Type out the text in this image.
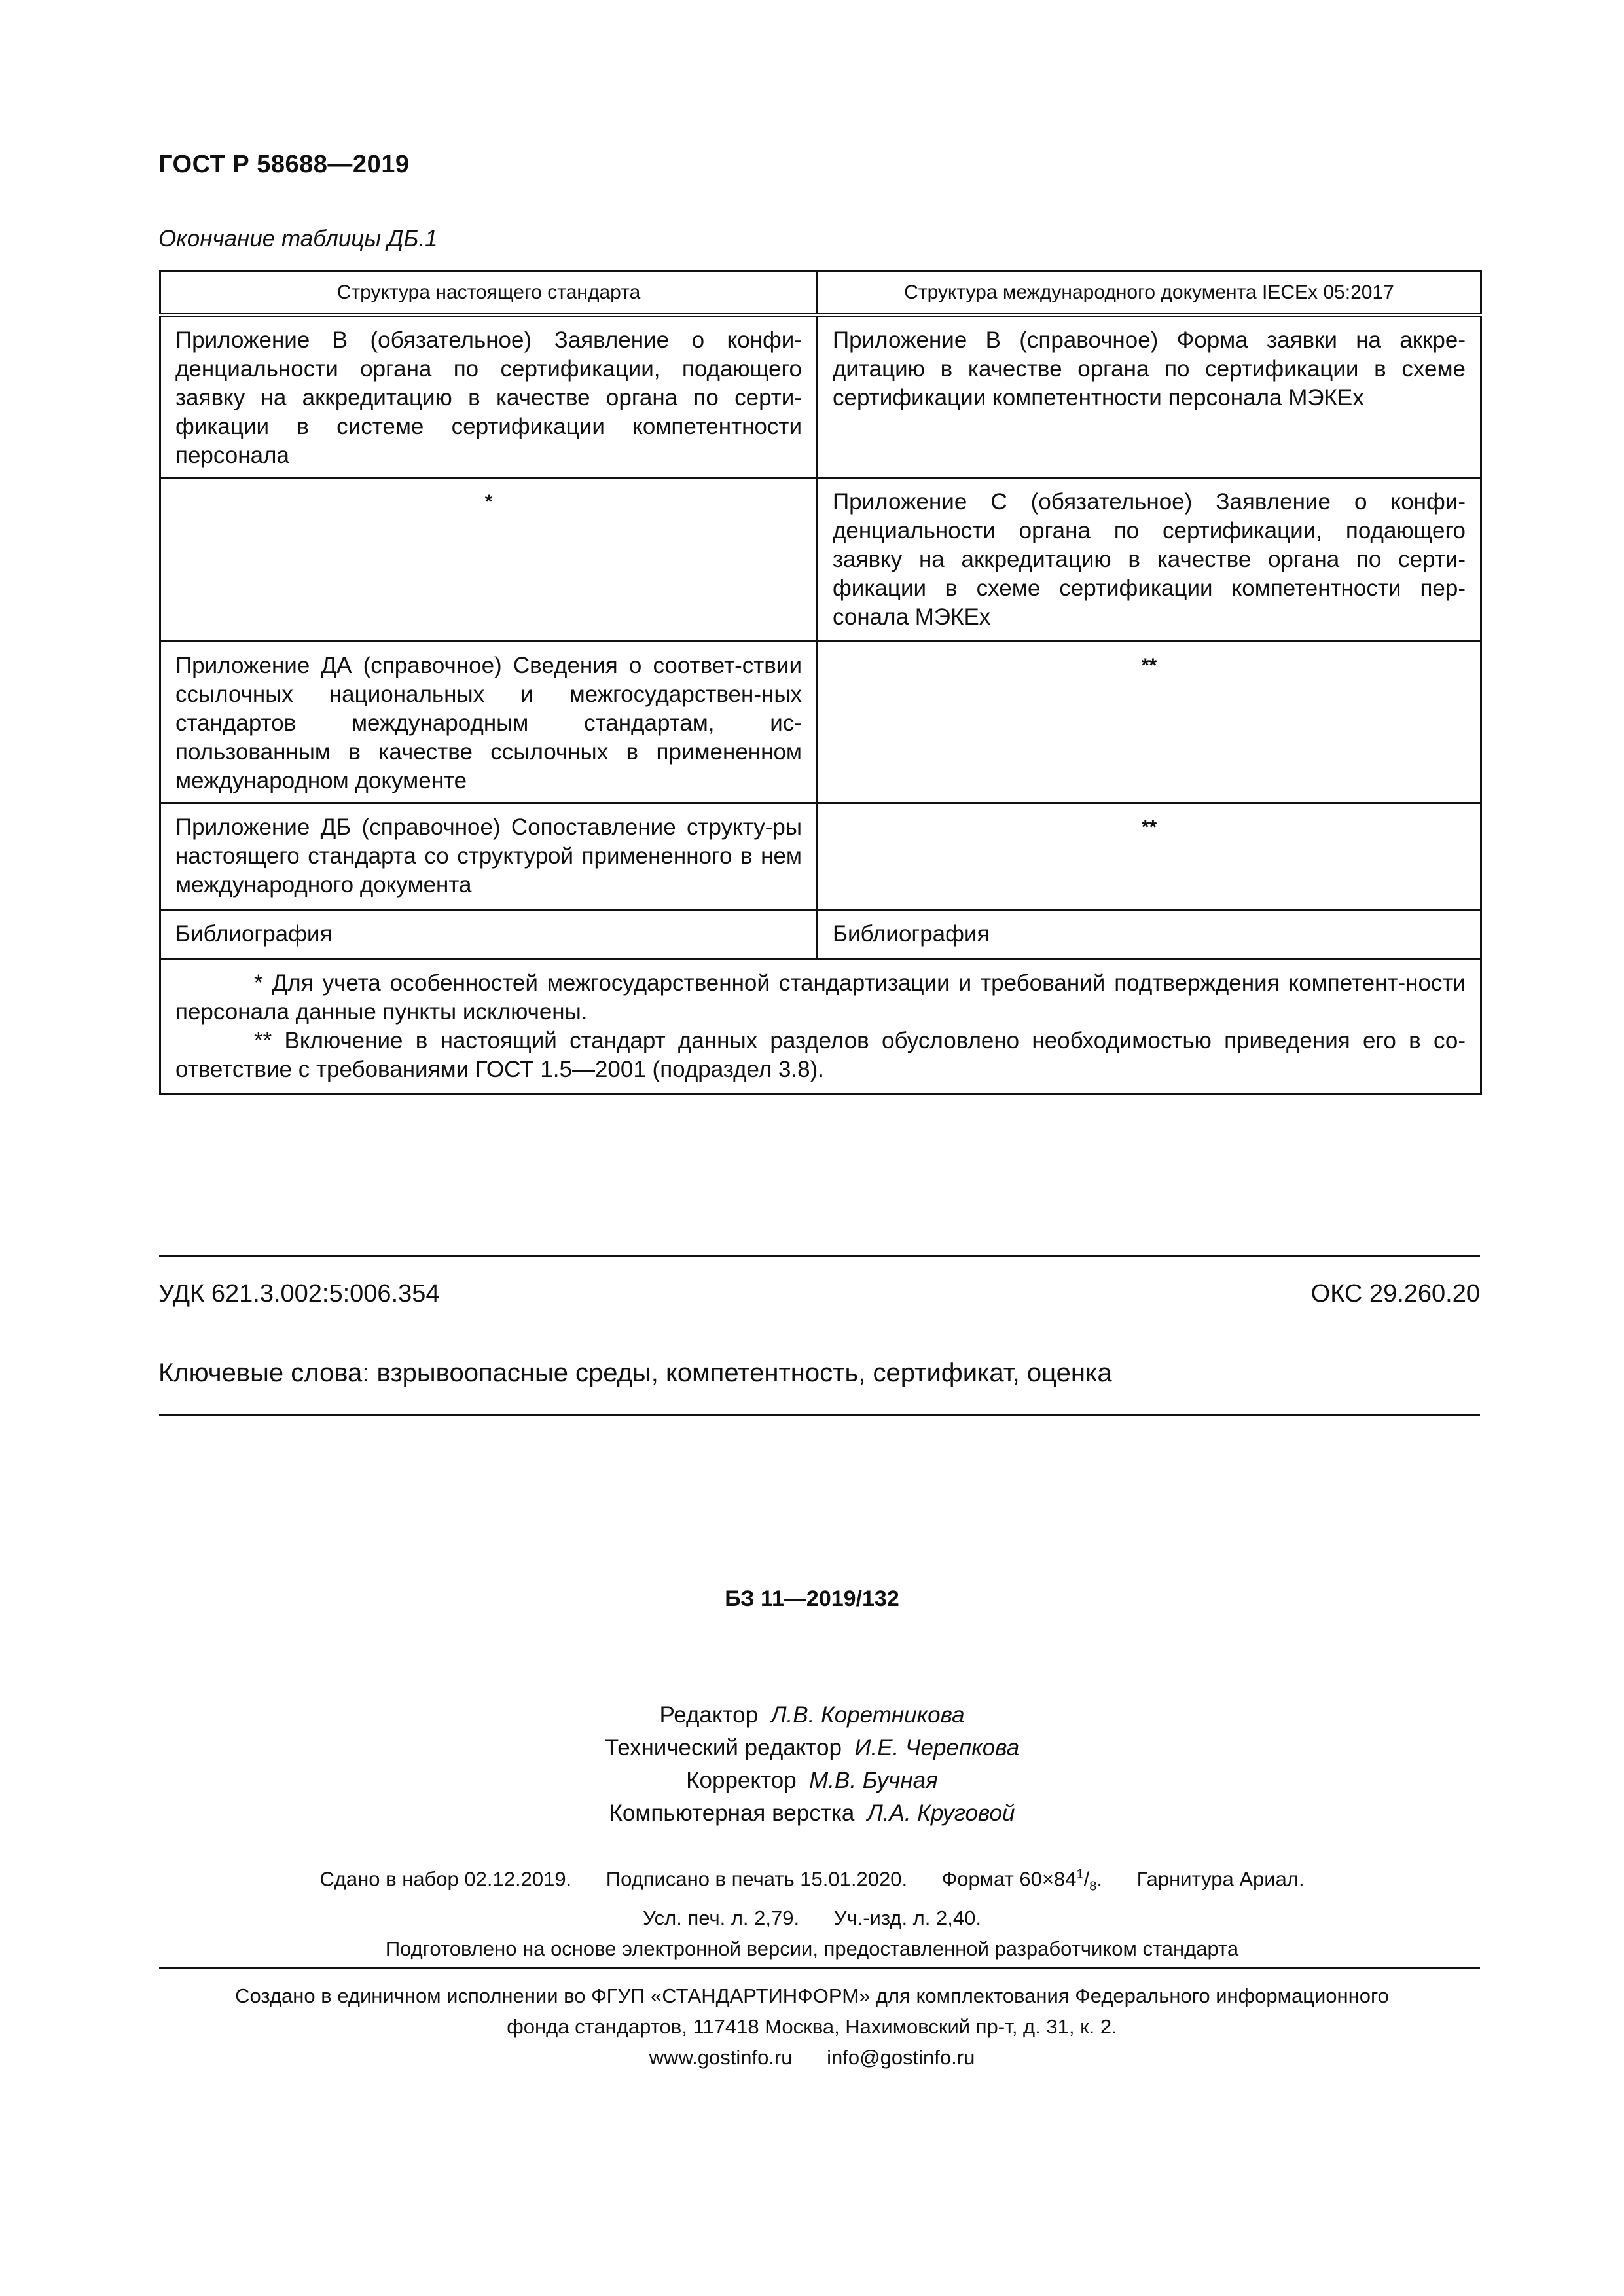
ГОСТ Р 58688—2019
Окончание таблицы ДБ.1
Структура настоящего стандарта	Структура международного документа IECEx 05:2017
Приложение В (обязательное) Заявление о конфи-денциальности органа по сертификации, подающего заявку на аккредитацию в качестве органа по серти-фикации в системе сертификации компетентности персонала	Приложение В (справочное) Форма заявки на аккре-дитацию в качестве органа по сертификации в схеме сертификации компетентности персонала МЭКЕх
*	Приложение С (обязательное) Заявление о конфи-денциальности органа по сертификации, подающего заявку на аккредитацию в качестве органа по серти-фикации в схеме сертификации компетентности пер-сонала МЭКЕх
Приложение ДА (справочное) Сведения о соответ-ствии ссылочных национальных и межгосударствен-ных стандартов международным стандартам, ис-пользованным в качестве ссылочных в примененном международном документе	**
Приложение ДБ (справочное) Сопоставление структу-ры настоящего стандарта со структурой примененного в нем международного документа	**
Библиография	Библиография

* Для учета особенностей межгосударственной стандартизации и требований подтверждения компетент-ности персонала данные пункты исключены.
** Включение в настоящий стандарт данных разделов обусловлено необходимостью приведения его в со-ответствие с требованиями ГОСТ 1.5—2001 (подраздел 3.8).	
УДК 621.3.002:5:006.354	ОКС 29.260.20
Ключевые слова: взрывоопасные среды, компетентность, сертификат, оценка
БЗ 11—2019/132
Редактор Л.В. Коретникова
Технический редактор И.Е. Черепкова
Корректор М.В. Бучная
Компьютерная верстка Л.А. Круговой
Сдано в набор 02.12.2019. Подписано в печать 15.01.2020. Формат $60\times 84^1/_8$. Гарнитура Ариал.
Усл. печ. л. 2,79. Уч.-изд. л. 2,40.
Подготовлено на основе электронной версии, предоставленной разработчиком стандарта
Создано в единичном исполнении во ФГУП «СТАНДАРТИНФОРМ» для комплектования Федерального информационного
фонда стандартов, 117418 Москва, Нахимовский пр-т, д. 31, к. 2.
www.gostinfo.ru info@gostinfo.ru
